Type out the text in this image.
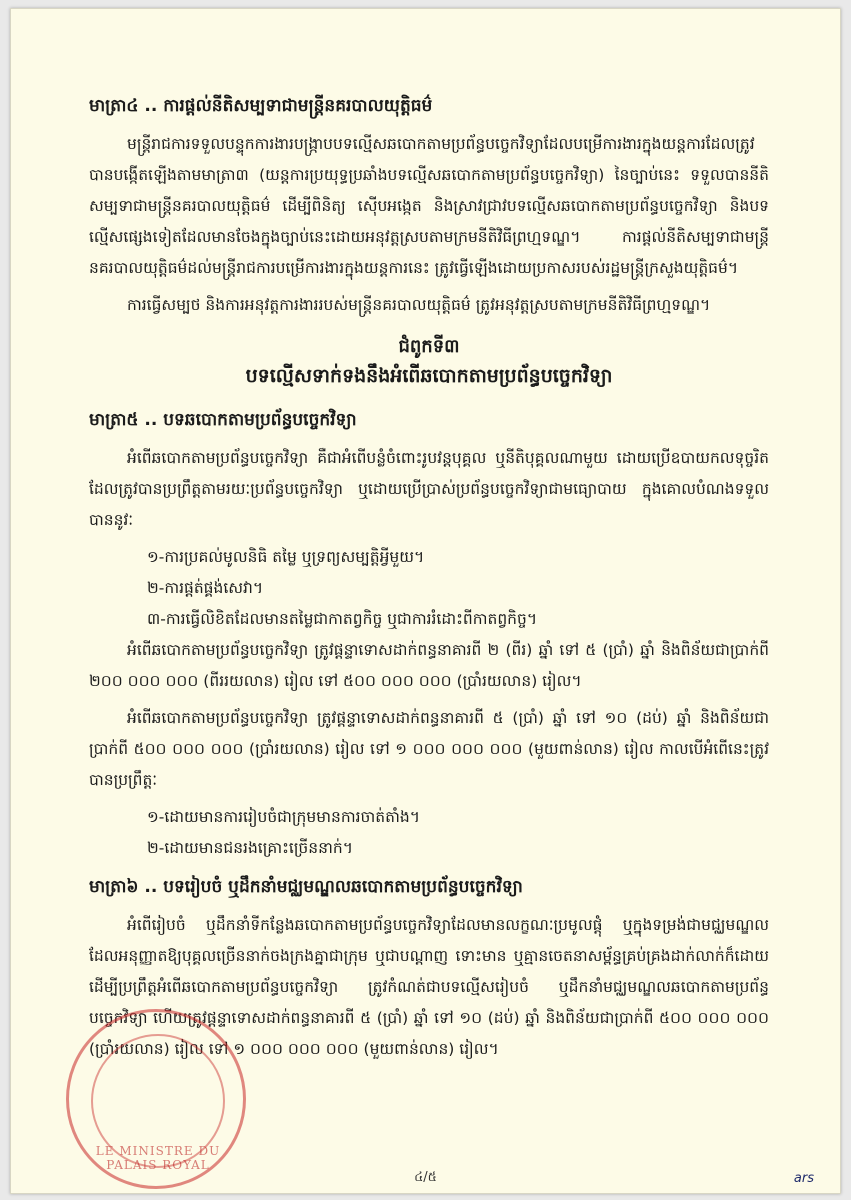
មាត្រា៤ .. ការផ្តល់នីតិសម្បទាជាមន្ត្រីនគរបាលយុត្តិធម៌

មន្ត្រីរាជការទទួលបន្ទុកការងារបង្ក្រាបបទល្មើសឆបោកតាមប្រព័ន្ធបច្ចេកវិទ្យាដែលបម្រើការងារក្នុងយន្តការដែលត្រូវបានបង្កើតឡើងតាមមាត្រា៣ (យន្តការប្រយុទ្ធប្រឆាំងបទល្មើសឆបោកតាមប្រព័ន្ធបច្ចេកវិទ្យា) នៃច្បាប់នេះ ទទួលបាននីតិសម្បទាជាមន្ត្រីនគរបាលយុត្តិធម៌ ដើម្បីពិនិត្យ ស៊ើបអង្កេត និងស្រាវជ្រាវបទល្មើសឆបោកតាមប្រព័ន្ធបច្ចេកវិទ្យា និងបទល្មើសផ្សេងទៀតដែលមានចែងក្នុងច្បាប់នេះដោយអនុវត្តស្របតាមក្រមនីតិវិធីព្រហ្មទណ្ឌ។ ការផ្តល់នីតិសម្បទាជាមន្ត្រីនគរបាលយុត្តិធម៌ដល់មន្ត្រីរាជការបម្រើការងារក្នុងយន្តការនេះ ត្រូវធ្វើឡើងដោយប្រកាសរបស់រដ្ឋមន្ត្រីក្រសួងយុត្តិធម៌។

ការធ្វើសម្បថ និងការអនុវត្តការងាររបស់មន្ត្រីនគរបាលយុត្តិធម៌ ត្រូវអនុវត្តស្របតាមក្រមនីតិវិធីព្រហ្មទណ្ឌ។

ជំពូកទី៣
បទល្មើសទាក់ទងនឹងអំពើឆបោកតាមប្រព័ន្ធបច្ចេកវិទ្យា
មាត្រា៥ .. បទឆបោកតាមប្រព័ន្ធបច្ចេកវិទ្យា

អំពើឆបោកតាមប្រព័ន្ធបច្ចេកវិទ្យា គឺជាអំពើបន្លំចំពោះរូបវន្តបុគ្គល ឬនីតិបុគ្គលណាមួយ ដោយប្រើឧបាយកលទុច្ចរិត ដែលត្រូវបានប្រព្រឹត្តតាមរយៈប្រព័ន្ធបច្ចេកវិទ្យា ឬដោយប្រើប្រាស់ប្រព័ន្ធបច្ចេកវិទ្យាជាមធ្យោបាយ ក្នុងគោលបំណងទទួលបាននូវៈ

១-ការប្រគល់មូលនិធិ តម្លៃ ឬទ្រព្យសម្បត្តិអ្វីមួយ។

២-ការផ្តត់ផ្គង់សេវា។

៣-ការធ្វើលិខិតដែលមានតម្លៃជាកាតព្វកិច្ច ឬជាការរំដោះពីកាតព្វកិច្ច។

អំពើឆបោកតាមប្រព័ន្ធបច្ចេកវិទ្យា ត្រូវផ្តន្ទាទោសដាក់ពន្ធនាគារពី ២ (ពីរ) ឆ្នាំ ទៅ ៥ (ប្រាំ) ឆ្នាំ និងពិន័យជាប្រាក់ពី ២០០ ០០០ ០០០ (ពីររយលាន) រៀល ទៅ ៥០០ ០០០ ០០០ (ប្រាំរយលាន) រៀល។

អំពើឆបោកតាមប្រព័ន្ធបច្ចេកវិទ្យា ត្រូវផ្តន្ទាទោសដាក់ពន្ធនាគារពី ៥ (ប្រាំ) ឆ្នាំ ទៅ ១០ (ដប់) ឆ្នាំ និងពិន័យជាប្រាក់ពី ៥០០ ០០០ ០០០ (ប្រាំរយលាន) រៀល ទៅ ១ ០០០ ០០០ ០០០ (មួយពាន់លាន) រៀល កាលបើអំពើនេះត្រូវបានប្រព្រឹត្តៈ

១-ដោយមានការរៀបចំជាក្រុមមានការចាត់តាំង។

២-ដោយមានជនរងគ្រោះច្រើននាក់។

មាត្រា៦ .. បទរៀបចំ ឬដឹកនាំមជ្ឈមណ្ឌលឆបោកតាមប្រព័ន្ធបច្ចេកវិទ្យា

អំពើរៀបចំ ឬដឹកនាំទីកន្លែងឆបោកតាមប្រព័ន្ធបច្ចេកវិទ្យាដែលមានលក្ខណៈប្រមូលផ្តុំ ឬក្នុងទម្រង់ជាមជ្ឈមណ្ឌល ដែលអនុញ្ញាតឱ្យបុគ្គលច្រើននាក់ចងក្រងគ្នាជាក្រុម ឬជាបណ្តាញ ទោះមាន ឬគ្មានចេតនាសម្ព័ន្ធគ្រប់គ្រងដាក់លាក់ក៏ដោយ ដើម្បីប្រព្រឹត្តអំពើឆបោកតាមប្រព័ន្ធបច្ចេកវិទ្យា ត្រូវកំណត់ជាបទល្មើសរៀបចំ ឬដឹកនាំមជ្ឈមណ្ឌលឆបោកតាមប្រព័ន្ធបច្ចេកវិទ្យា ហើយត្រូវផ្តន្ទាទោសដាក់ពន្ធនាគារពី ៥ (ប្រាំ) ឆ្នាំ ទៅ ១០ (ដប់) ឆ្នាំ និងពិន័យជាប្រាក់ពី ៥០០ ០០០ ០០០ (ប្រាំរយលាន) រៀល ទៅ ១ ០០០ ០០០ ០០០ (មួយពាន់លាន) រៀល។

LE MINISTRE DU PALAIS ROYAL
៤/៥	ars
